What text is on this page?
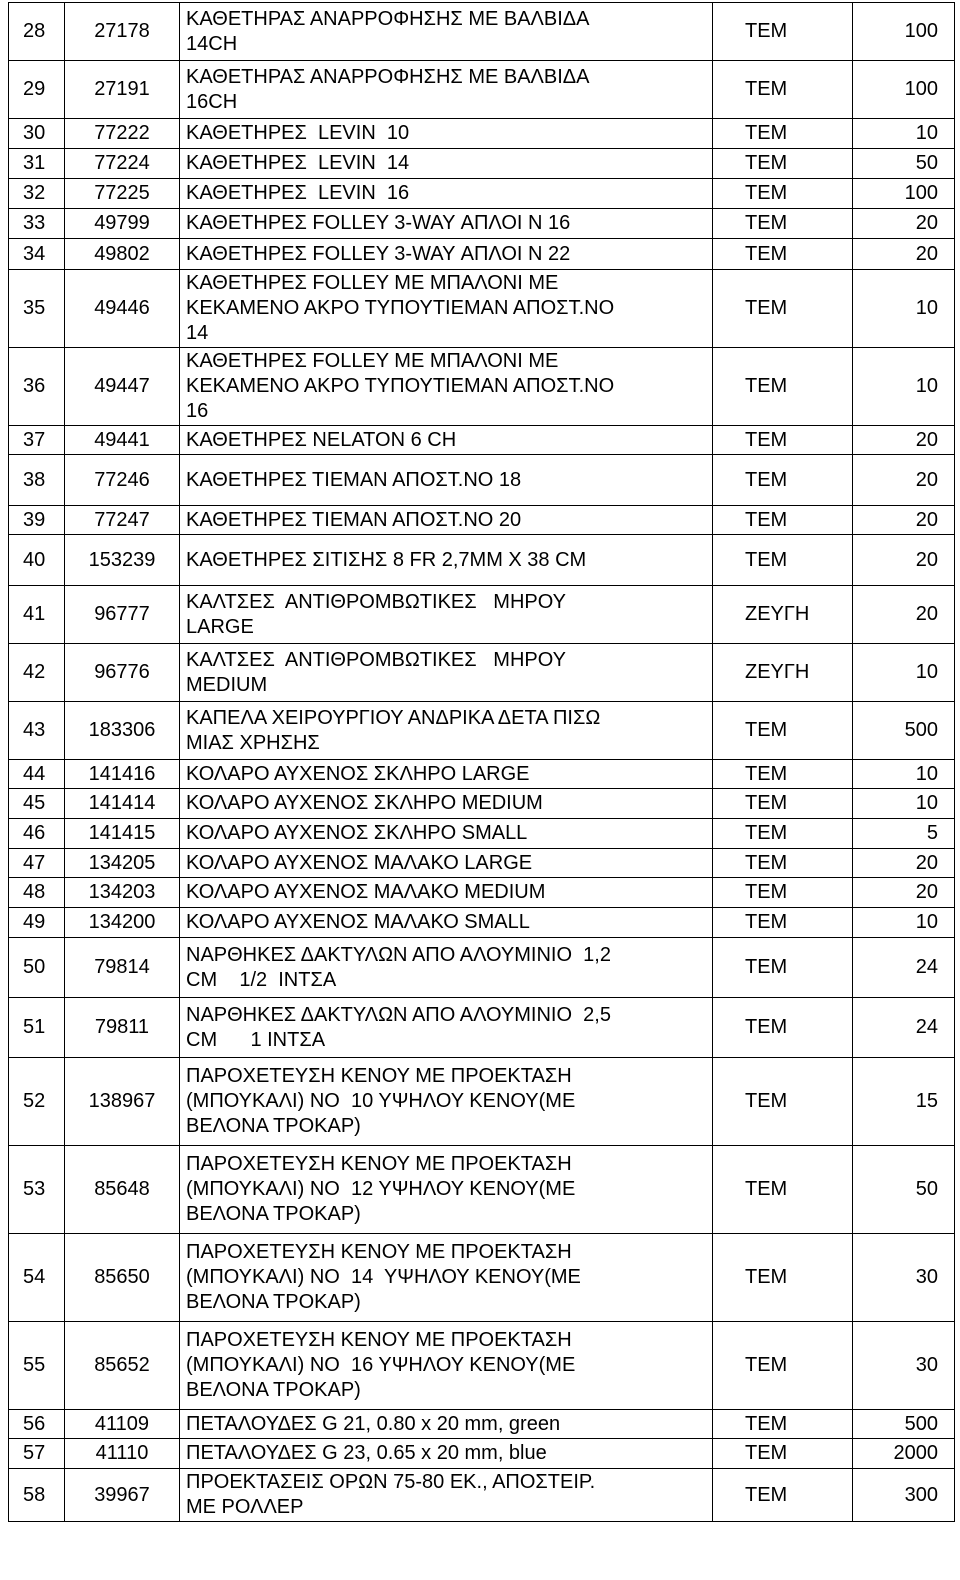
28	27178	ΚΑΘΕΤΗΡΑΣ ΑΝΑΡΡΟΦΗΣΗΣ ΜΕ ΒΑΛΒΙΔΑ
14CH	ΤΕΜ	100
29	27191	ΚΑΘΕΤΗΡΑΣ ΑΝΑΡΡΟΦΗΣΗΣ ΜΕ ΒΑΛΒΙΔΑ
16CH	ΤΕΜ	100
30	77222	ΚΑΘΕΤΗΡΕΣ  LEVIN  10	ΤΕΜ	10
31	77224	ΚΑΘΕΤΗΡΕΣ  LEVIN  14	ΤΕΜ	50
32	77225	ΚΑΘΕΤΗΡΕΣ  LEVIN  16	ΤΕΜ	100
33	49799	ΚΑΘΕΤΗΡΕΣ FOLLEY 3-WAY ΑΠΛΟΙ Ν 16	ΤΕΜ	20
34	49802	ΚΑΘΕΤΗΡΕΣ FOLLEY 3-WAY ΑΠΛΟΙ Ν 22	ΤΕΜ	20
35	49446	ΚΑΘΕΤΗΡΕΣ FOLLEY ΜΕ ΜΠΑΛΟΝΙ ΜΕ
ΚΕΚΑΜΕΝΟ ΑΚΡΟ ΤΥΠΟΥΤΙΕΜΑΝ ΑΠΟΣΤ.ΝΟ
14	ΤΕΜ	10
36	49447	ΚΑΘΕΤΗΡΕΣ FOLLEY ΜΕ ΜΠΑΛΟΝΙ ΜΕ
ΚΕΚΑΜΕΝΟ ΑΚΡΟ ΤΥΠΟΥΤΙΕΜΑΝ ΑΠΟΣΤ.ΝΟ
16	ΤΕΜ	10
37	49441	ΚΑΘΕΤΗΡΕΣ NELATON 6 CH	ΤΕΜ	20
38	77246	ΚΑΘΕΤΗΡΕΣ ΤΙΕΜΑΝ ΑΠΟΣΤ.ΝΟ 18	ΤΕΜ	20
39	77247	ΚΑΘΕΤΗΡΕΣ ΤΙΕΜΑΝ ΑΠΟΣΤ.ΝΟ 20	ΤΕΜ	20
40	153239	ΚΑΘΕΤΗΡΕΣ ΣΙΤΙΣΗΣ 8 FR 2,7ΜΜ Χ 38 CM	ΤΕΜ	20
41	96777	ΚΑΛΤΣΕΣ  ΑΝΤΙΘΡΟΜΒΩΤΙΚΕΣ   ΜΗΡΟΥ
LARGE	ΖΕΥΓΗ	20
42	96776	ΚΑΛΤΣΕΣ  ΑΝΤΙΘΡΟΜΒΩΤΙΚΕΣ   ΜΗΡΟΥ
MEDIUM	ΖΕΥΓΗ	10
43	183306	ΚΑΠΕΛΑ ΧΕΙΡΟΥΡΓΙΟΥ ΑΝΔΡΙΚΑ ΔΕΤΑ ΠΙΣΩ
ΜΙΑΣ ΧΡΗΣΗΣ	ΤΕΜ	500
44	141416	ΚΟΛΑΡΟ ΑΥΧΕΝΟΣ ΣΚΛΗΡΟ LARGE	ΤΕΜ	10
45	141414	ΚΟΛΑΡΟ ΑΥΧΕΝΟΣ ΣΚΛΗΡΟ MEDIUM	ΤΕΜ	10
46	141415	ΚΟΛΑΡΟ ΑΥΧΕΝΟΣ ΣΚΛΗΡΟ SMALL	ΤΕΜ	5
47	134205	ΚΟΛΑΡΟ ΑΥΧΕΝΟΣ ΜΑΛΑΚΟ LARGE	ΤΕΜ	20
48	134203	ΚΟΛΑΡΟ ΑΥΧΕΝΟΣ ΜΑΛΑΚΟ MEDIUM	ΤΕΜ	20
49	134200	ΚΟΛΑΡΟ ΑΥΧΕΝΟΣ ΜΑΛΑΚΟ SMALL	ΤΕΜ	10
50	79814	ΝΑΡΘΗΚΕΣ ΔΑΚΤΥΛΩΝ ΑΠΟ ΑΛΟΥΜΙΝΙΟ  1,2
CM    1/2  ΙΝΤΣΑ	ΤΕΜ	24
51	79811	ΝΑΡΘΗΚΕΣ ΔΑΚΤΥΛΩΝ ΑΠΟ ΑΛΟΥΜΙΝΙΟ  2,5
CM      1 ΙΝΤΣΑ	ΤΕΜ	24
52	138967	ΠΑΡΟΧΕΤΕΥΣΗ ΚΕΝΟΥ ΜΕ ΠΡΟΕΚΤΑΣΗ
(ΜΠΟΥΚΑΛΙ) ΝΟ  10 ΥΨΗΛΟΥ ΚΕΝΟΥ(ΜΕ
ΒΕΛΟΝΑ ΤΡΟΚΑΡ)	ΤΕΜ	15
53	85648	ΠΑΡΟΧΕΤΕΥΣΗ ΚΕΝΟΥ ΜΕ ΠΡΟΕΚΤΑΣΗ
(ΜΠΟΥΚΑΛΙ) ΝΟ  12 ΥΨΗΛΟΥ ΚΕΝΟΥ(ΜΕ
ΒΕΛΟΝΑ ΤΡΟΚΑΡ)	ΤΕΜ	50
54	85650	ΠΑΡΟΧΕΤΕΥΣΗ ΚΕΝΟΥ ΜΕ ΠΡΟΕΚΤΑΣΗ
(ΜΠΟΥΚΑΛΙ) ΝΟ  14  ΥΨΗΛΟΥ ΚΕΝΟΥ(ΜΕ
ΒΕΛΟΝΑ ΤΡΟΚΑΡ)	ΤΕΜ	30
55	85652	ΠΑΡΟΧΕΤΕΥΣΗ ΚΕΝΟΥ ΜΕ ΠΡΟΕΚΤΑΣΗ
(ΜΠΟΥΚΑΛΙ) ΝΟ  16 ΥΨΗΛΟΥ ΚΕΝΟΥ(ΜΕ
ΒΕΛΟΝΑ ΤΡΟΚΑΡ)	ΤΕΜ	30
56	41109	ΠΕΤΑΛΟΥΔΕΣ G 21, 0.80 x 20 mm, green	ΤΕΜ	500
57	41110	ΠΕΤΑΛΟΥΔΕΣ G 23, 0.65 x 20 mm, blue	ΤΕΜ	2000
58	39967	ΠΡΟΕΚΤΑΣΕΙΣ ΟΡΩΝ 75-80 ΕΚ., ΑΠΟΣΤΕΙΡ.
ΜΕ ΡΟΛΛΕΡ	ΤΕΜ	300
